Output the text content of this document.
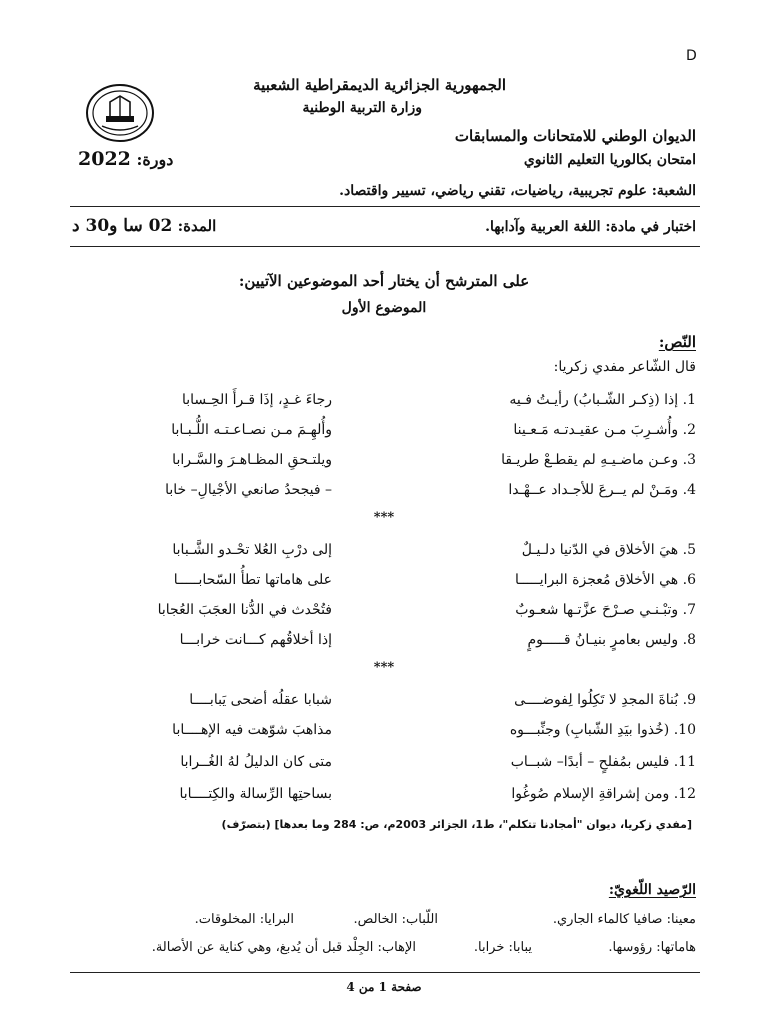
D
الجمهورية الجزائرية الديمقراطية الشعبية
وزارة التربية الوطنية
الديوان الوطني للامتحانات والمسابقات
امتحان بكالوريا التعليم الثانوي
دورة: 2022
الشعبة: علوم تجريبية، رياضيات، تقني رياضي، تسيير واقتصاد.
اختبار في مادة: اللغة العربية وآدابها.
المدة: 02 سا و30 د
على المترشح أن يختار أحد الموضوعين الآتيين:
الموضوع الأول
النّص:
قال الشّاعر مفدي زكريا:
1. إذا (ذِكـر الشّـبابُ) رأيـتُ فـيه
رجاءَ غـدٍ، إذَا قـرأَ الحِـسابا
2. وأُشـرِبَ مـن عقيـدتـه مَـعـينا
وأُلهِـمَ مـن نصـاعـتـه اللُّـبـابا
3. وعـن ماضـيـهِ لم يقطـعْ طريـقا
ويلتـحقِ المظـاهـرَ والسَّـرابا
4. ومَـنْ لم يــرعَ للأجـداد عــهْـدا
– فيجحدُ صانعي الأجْيالِ– خابا
***
5. هيَ الأخلاق في الدّنيا دلـيـلٌ
إلى درْبِ العُلا تحْـدو الشَّـبابا
6. هي الأخلاق مُعجزة البرايـــــا
على هاماتها تطأُ السّحابـــــا
7. وتبْـنـي صـرْحَ عزَّتـها شعـوبٌ
فتُحْدث في الدُّنا العجَبَ العُجابا
8. وليس بعامرٍ بنيـانُ قـــــومٍ
إذا أخلاقُهم كـــانت خرابـــا
***
9. بُناةَ المجدِ لا تَكِلُوا لِفوضــــى
شبابا عقلُه أضحى يَبابــــا
10. (خُذوا بيَدِ الشّبابِ) وجنِّبـــوه
مذاهبَ شوّهت فيه الإهــــابا
11. فليس بمُفلحٍ – أبدًا– شبــاب
متى كان الدليلُ لهُ الغُــرابا
12. ومن إشراقةِ الإسلام صُوغُوا
بساحتِها الرِّسالة والكِتــــابا
[مفدي زكريا، ديوان "أمجادنا تتكلم"، ط1، الجزائر 2003م، ص: 284 وما بعدها] (بتصرّف)
الرّصيد اللّغويّ:
معينا: صافيا كالماء الجاري.
اللّباب: الخالص.
البرايا: المخلوقات.
هاماتها: رؤوسها.
يبابا: خرابا.
الإهاب: الجِلْد قبل أن يُدبغ، وهي كناية عن الأصالة.
صفحة 1 من 4
